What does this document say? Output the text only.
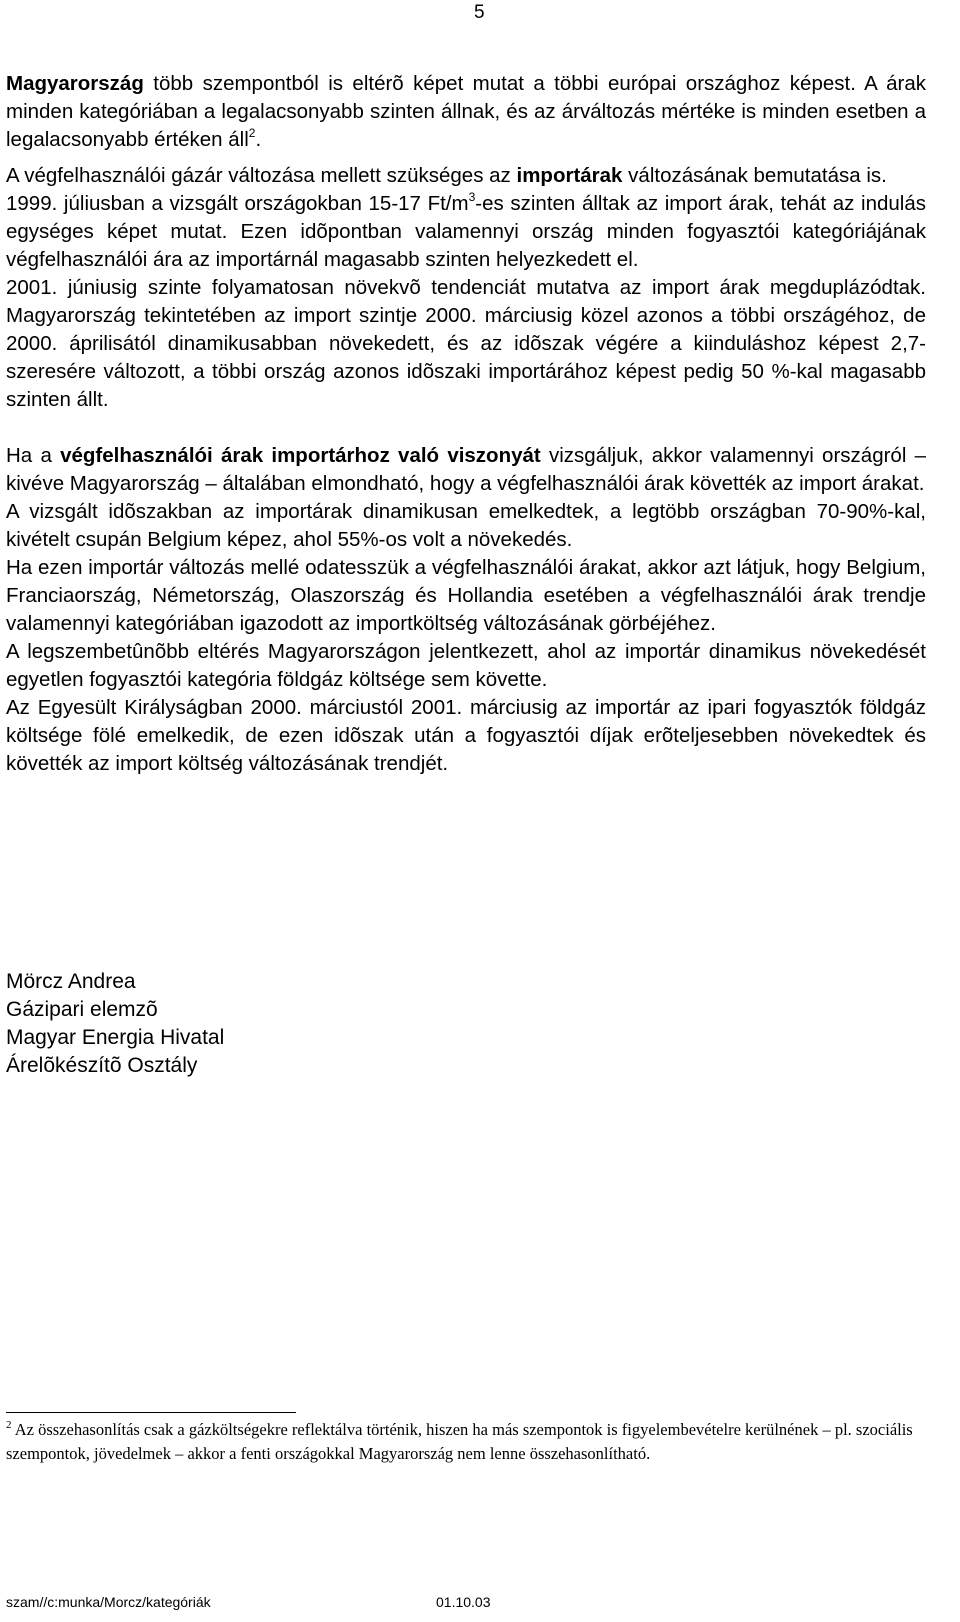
5

Magyarország több szempontból is eltérõ képet mutat a többi európai országhoz képest. A árak minden kategóriában a legalacsonyabb szinten állnak, és az árváltozás mértéke is minden esetben a legalacsonyabb értéken áll$^2$.

A végfelhasználói gázár változása mellett szükséges az importárak változásának bemutatása is.

1999. júliusban a vizsgált országokban 15-17 $Ft/m^3-es$ szinten álltak az import árak, tehát az indulás egységes képet mutat. Ezen idõpontban valamennyi ország minden fogyasztói kategóriájának végfelhasználói ára az importárnál magasabb szinten helyezkedett el.

2001. júniusig szinte folyamatosan növekvõ tendenciát mutatva az import árak megduplázódtak. Magyarország tekintetében az import szintje 2000. márciusig közel azonos a többi országéhoz, de 2000. áprilisától dinamikusabban növekedett, és az idõszak végére a kiinduláshoz képest 2,7-szeresére változott, a többi ország azonos idõszaki importárához képest pedig 50 %-kal magasabb szinten állt.

Ha a végfelhasználói árak importárhoz való viszonyát vizsgáljuk, akkor valamennyi országról – kivéve Magyarország – általában elmondható, hogy a végfelhasználói árak követték az import árakat.

A vizsgált idõszakban az importárak dinamikusan emelkedtek, a legtöbb országban 70-90%-kal, kivételt csupán Belgium képez, ahol 55%-os volt a növekedés.

Ha ezen importár változás mellé odatesszük a végfelhasználói árakat, akkor azt látjuk, hogy Belgium, Franciaország, Németország, Olaszország és Hollandia esetében a végfelhasználói árak trendje valamennyi kategóriában igazodott az importköltség változásának görbéjéhez.

A legszembetûnõbb eltérés Magyarországon jelentkezett, ahol az importár dinamikus növekedését egyetlen fogyasztói kategória földgáz költsége sem követte.

Az Egyesült Királyságban 2000. márciustól 2001. márciusig az importár az ipari fogyasztók földgáz költsége fölé emelkedik, de ezen idõszak után a fogyasztói díjak erõteljesebben növekedtek és követték az import költség változásának trendjét.

Mörcz Andrea
Gázipari elemzõ
Magyar Energia Hivatal
Árelõkészítõ Osztály
$^2$ Az összehasonlítás csak a gázköltségekre reflektálva történik, hiszen ha más szempontok is figyelembevételre kerülnének – pl. szociális szempontok, jövedelmek – akkor a fenti országokkal Magyarország nem lenne összehasonlítható.
szam//c:munka/Morcz/kategóriák	01.10.03
